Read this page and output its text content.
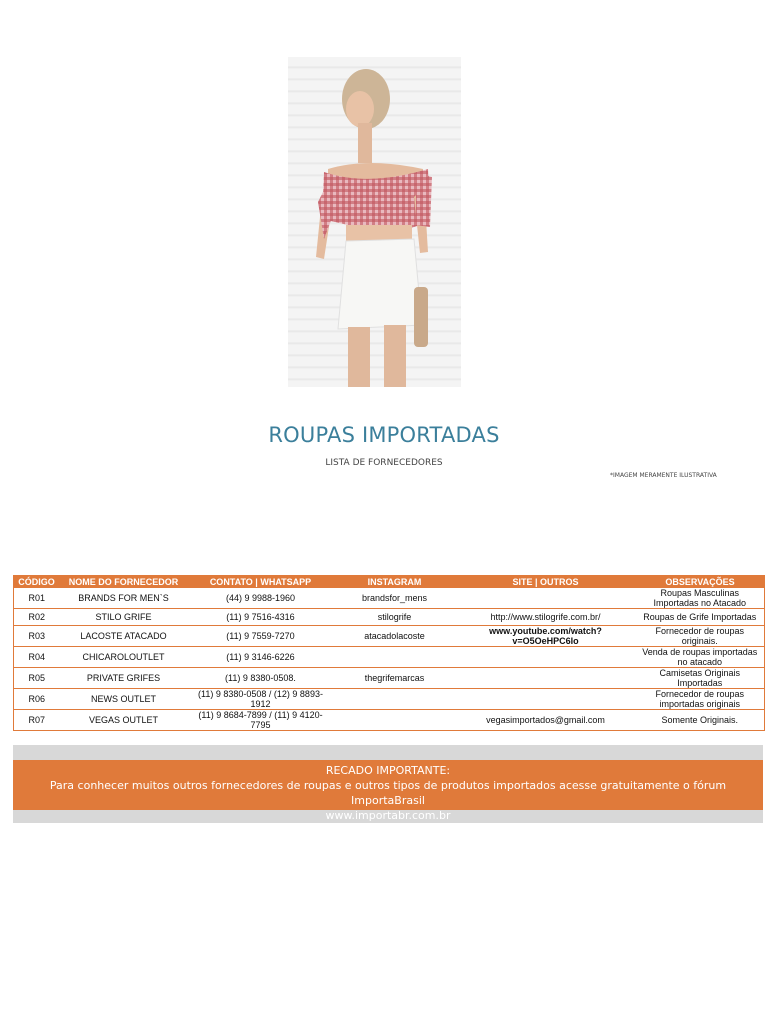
ROUPAS IMPORTADAS
LISTA DE FORNECEDORES
*IMAGEM MERAMENTE ILUSTRATIVA
CÓDIGO	NOME DO FORNECEDOR	CONTATO | WHATSAPP	INSTAGRAM	SITE | OUTROS	OBSERVAÇÕES
R01	BRANDS FOR MEN`S	(44) 9 9988-1960	brandsfor_mens		Roupas Masculinas Importadas no Atacado
R02	STILO GRIFE	(11) 9 7516-4316	stilogrife	http://www.stilogrife.com.br/	Roupas de Grife Importadas
R03	LACOSTE ATACADO	(11) 9 7559-7270	atacadolacoste	www.youtube.com/watch?v=O5OeHPC6lo	Fornecedor de roupas originais.
R04	CHICAROLOUTLET	(11) 9 3146-6226			Venda de roupas importadas no atacado
R05	PRIVATE GRIFES	(11) 9 8380-0508.	thegrifemarcas		Camisetas Originais Importadas
R06	NEWS OUTLET	(11) 9 8380-0508 / (12) 9 8893-1912			Fornecedor de roupas importadas originais
R07	VEGAS OUTLET	(11) 9 8684-7899 / (11) 9 4120-7795		vegasimportados@gmail.com	Somente Originais.
RECADO IMPORTANTE:
Para conhecer muitos outros fornecedores de roupas e outros tipos de produtos importados acesse gratuitamente o fórum ImportaBrasil
www.importabr.com.br
